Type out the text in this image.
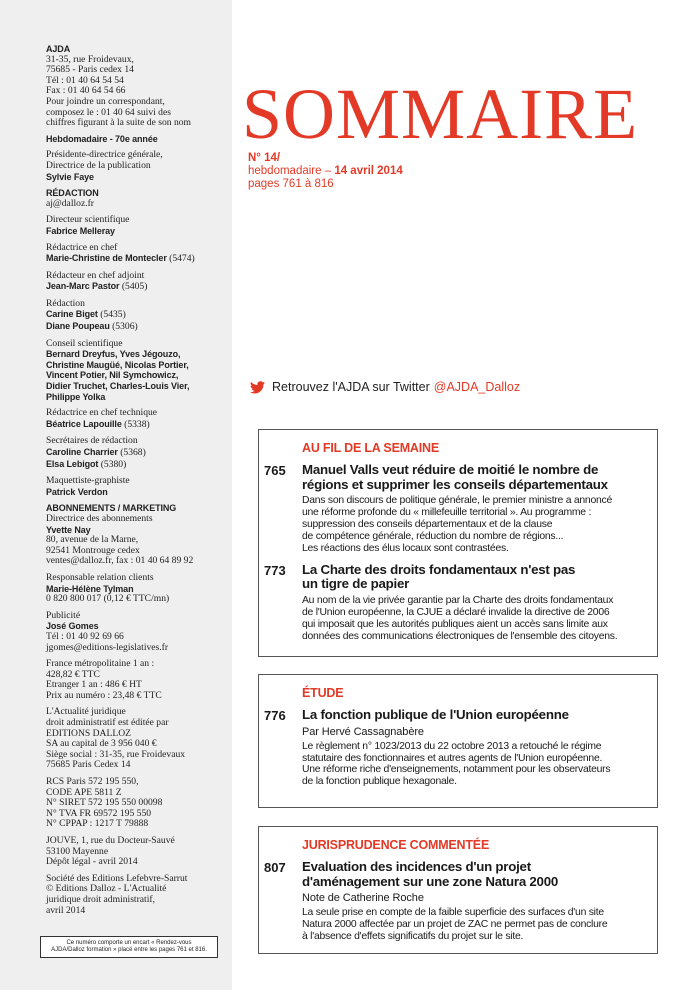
AJDA
31-35, rue Froidevaux,
75685 - Paris cedex 14
Tél : 01 40 64 54 54
Fax : 01 40 64 54 66
Pour joindre un correspondant,
composez le : 01 40 64 suivi des
chiffres figurant à la suite de son nom
Hebdomadaire - 70e année
Présidente-directrice générale,
Directrice de la publication
Sylvie Faye
RÉDACTION
aj@dalloz.fr
Directeur scientifique
Fabrice Melleray
Rédactrice en chef
Marie-Christine de Montecler (5474)
Rédacteur en chef adjoint
Jean-Marc Pastor (5405)
Rédaction
Carine Biget (5435)
Diane Poupeau (5306)
Conseil scientifique
Bernard Dreyfus, Yves Jégouzo,
Christine Maugüé, Nicolas Portier,
Vincent Potier, Nil Symchowicz,
Didier Truchet, Charles-Louis Vier,
Philippe Yolka
Rédactrice en chef technique
Béatrice Lapouille (5338)
Secrétaires de rédaction
Caroline Charrier (5368)
Elsa Lebigot (5380)
Maquettiste-graphiste
Patrick Verdon
ABONNEMENTS / MARKETING
Directrice des abonnements
Yvette Nay
80, avenue de la Marne,
92541 Montrouge cedex
ventes@dalloz.fr, fax : 01 40 64 89 92
Responsable relation clients
Marie-Hélène Tylman
0 820 800 017 (0,12 € TTC/mn)
Publicité
José Gomes
Tél : 01 40 92 69 66
jgomes@editions-legislatives.fr
France métropolitaine 1 an :
428,82 € TTC
Etranger 1 an : 486 € HT
Prix au numéro : 23,48 € TTC
L'Actualité juridique
droit administratif est éditée par
EDITIONS DALLOZ
SA au capital de 3 956 040 €
Siège social : 31-35, rue Froidevaux
75685 Paris Cedex 14
RCS Paris 572 195 550,
CODE APE 5811 Z
N° SIRET 572 195 550 00098
N° TVA FR 69572 195 550
N° CPPAP : 1217 T 79888
JOUVE, 1, rue du Docteur-Sauvé
53100 Mayenne
Dépôt légal - avril 2014
Société des Editions Lefebvre-Sarrut
© Editions Dalloz - L'Actualité
juridique droit administratif,
avril 2014
Ce numéro comporte un encart « Rendez-vous
AJDA/Dalloz formation » placé entre les pages 761 et 816.
SOMMAIRE
N° 14/
hebdomadaire – 14 avril 2014
pages 761 à 816
Retrouvez l'AJDA sur Twitter @AJDA_Dalloz
AU FIL DE LA SEMAINE
765	Manuel Valls veut réduire de moitié le nombre de
régions et supprimer les conseils départementaux
Dans son discours de politique générale, le premier ministre a annoncé
une réforme profonde du « millefeuille territorial ». Au programme :
suppression des conseils départementaux et de la clause
de compétence générale, réduction du nombre de régions...
Les réactions des élus locaux sont contrastées.
773	La Charte des droits fondamentaux n'est pas
un tigre de papier
Au nom de la vie privée garantie par la Charte des droits fondamentaux
de l'Union européenne, la CJUE a déclaré invalide la directive de 2006
qui imposait que les autorités publiques aient un accès sans limite aux
données des communications électroniques de l'ensemble des citoyens.
ÉTUDE
776	La fonction publique de l'Union européenne
Par Hervé Cassagnabère
Le règlement n° 1023/2013 du 22 octobre 2013 a retouché le régime
statutaire des fonctionnaires et autres agents de l'Union européenne.
Une réforme riche d'enseignements, notamment pour les observateurs
de la fonction publique hexagonale.
JURISPRUDENCE COMMENTÉE
807	Evaluation des incidences d'un projet
d'aménagement sur une zone Natura 2000
Note de Catherine Roche
La seule prise en compte de la faible superficie des surfaces d'un site
Natura 2000 affectée par un projet de ZAC ne permet pas de conclure
à l'absence d'effets significatifs du projet sur le site.
